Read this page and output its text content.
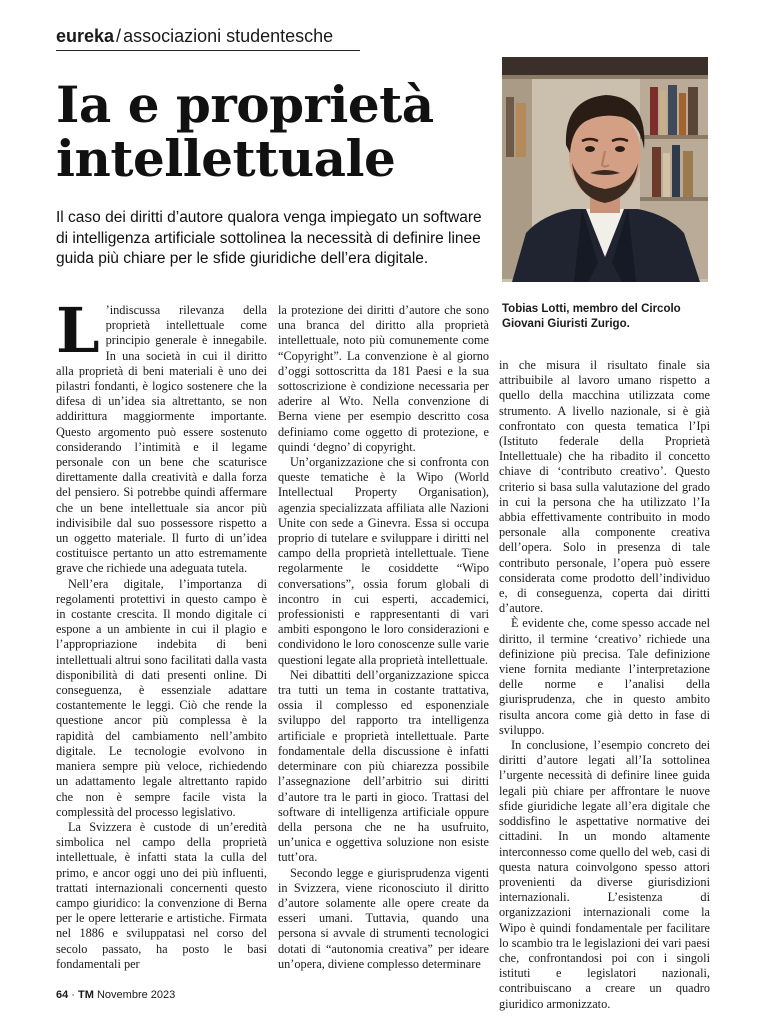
eureka / associazioni studentesche
Ia e proprietà intellettuale

Il caso dei diritti d’autore qualora venga impiegato un software di intelligenza artificiale sottolinea la necessità di definire linee guida più chiare per le sfide giuridiche dell’era digitale.

Tobias Lotti, membro del Circolo Giovani Giuristi Zurigo.

L ’indiscussa rilevanza della proprietà intellettuale come principio generale è innegabile. In una società in cui il diritto alla proprietà di beni materiali è uno dei pilastri fondanti, è logico sostenere che la difesa di un’idea sia altrettanto, se non addirittura maggiormente importante. Questo argomento può essere sostenuto considerando l’intimità e il legame personale con un bene che scaturisce direttamente dalla creatività e dalla forza del pensiero. Si potrebbe quindi affermare che un bene intellettuale sia ancor più indivisibile dal suo possessore rispetto a un oggetto materiale. Il furto di un’idea costituisce pertanto un atto estremamente grave che richiede una adeguata tutela.

Nell’era digitale, l’importanza di regolamenti protettivi in questo campo è in costante crescita. Il mondo digitale ci espone a un ambiente in cui il plagio e l’appropriazione indebita di beni intellettuali altrui sono facilitati dalla vasta disponibilità di dati presenti online. Di conseguenza, è essenziale adattare costantemente le leggi. Ciò che rende la questione ancor più complessa è la rapidità del cambiamento nell’ambito digitale. Le tecnologie evolvono in maniera sempre più veloce, richiedendo un adattamento legale altrettanto rapido che non è sempre facile vista la complessità del processo legislativo.

La Svizzera è custode di un’eredità simbolica nel campo della proprietà intellettuale, è infatti stata la culla del primo, e ancor oggi uno dei più influenti, trattati internazionali concernenti questo campo giuridico: la convenzione di Berna per le opere letterarie e artistiche. Firmata nel 1886 e sviluppatasi nel corso del secolo passato, ha posto le basi fondamentali per

la protezione dei diritti d’autore che sono una branca del diritto alla proprietà intellettuale, noto più comunemente come “Copyright”. La convenzione è al giorno d’oggi sottoscritta da 181 Paesi e la sua sottoscrizione è condizione necessaria per aderire al Wto. Nella convenzione di Berna viene per esempio descritto cosa definiamo come oggetto di protezione, e quindi ‘degno’ di copyright.

Un’organizzazione che si confronta con queste tematiche è la Wipo (World Intellectual Property Organisation), agenzia specializzata affiliata alle Nazioni Unite con sede a Ginevra. Essa si occupa proprio di tutelare e sviluppare i diritti nel campo della proprietà intellettuale. Tiene regolarmente le cosiddette “Wipo conversations”, ossia forum globali di incontro in cui esperti, accademici, professionisti e rappresentanti di vari ambiti espongono le loro considerazioni e condividono le loro conoscenze sulle varie questioni legate alla proprietà intellettuale.

Nei dibattiti dell’organizzazione spicca tra tutti un tema in costante trattativa, ossia il complesso ed esponenziale sviluppo del rapporto tra intelligenza artificiale e proprietà intellettuale. Parte fondamentale della discussione è infatti determinare con più chiarezza possibile l’assegnazione dell’arbitrio sui diritti d’autore tra le parti in gioco. Trattasi del software di intelligenza artificiale oppure della persona che ne ha usufruito, un’unica e oggettiva soluzione non esiste tutt’ora.

Secondo legge e giurisprudenza vigenti in Svizzera, viene riconosciuto il diritto d’autore solamente alle opere create da esseri umani. Tuttavia, quando una persona si avvale di strumenti tecnologici dotati di “autonomia creativa” per ideare un’opera, diviene complesso determinare

in che misura il risultato finale sia attribuibile al lavoro umano rispetto a quello della macchina utilizzata come strumento. A livello nazionale, si è già confrontato con questa tematica l’Ipi (Istituto federale della Proprietà Intellettuale) che ha ribadito il concetto chiave di ‘contributo creativo’. Questo criterio si basa sulla valutazione del grado in cui la persona che ha utilizzato l’Ia abbia effettivamente contribuito in modo personale alla componente creativa dell’opera. Solo in presenza di tale contributo personale, l’opera può essere considerata come prodotto dell’individuo e, di conseguenza, coperta dai diritti d’autore.

È evidente che, come spesso accade nel diritto, il termine ‘creativo’ richiede una definizione più precisa. Tale definizione viene fornita mediante l’interpretazione delle norme e l’analisi della giurisprudenza, che in questo ambito risulta ancora come già detto in fase di sviluppo.

In conclusione, l’esempio concreto dei diritti d’autore legati all’Ia sottolinea l’urgente necessità di definire linee guida legali più chiare per affrontare le nuove sfide giuridiche legate all’era digitale che soddisfino le aspettative normative dei cittadini. In un mondo altamente interconnesso come quello del web, casi di questa natura coinvolgono spesso attori provenienti da diverse giurisdizioni internazionali. L’esistenza di organizzazioni internazionali come la Wipo è quindi fondamentale per facilitare lo scambio tra le legislazioni dei vari paesi che, confrontandosi poi con i singoli istituti e legislatori nazionali, contribuiscano a creare un quadro giuridico armonizzato.

64 · TM Novembre 2023
